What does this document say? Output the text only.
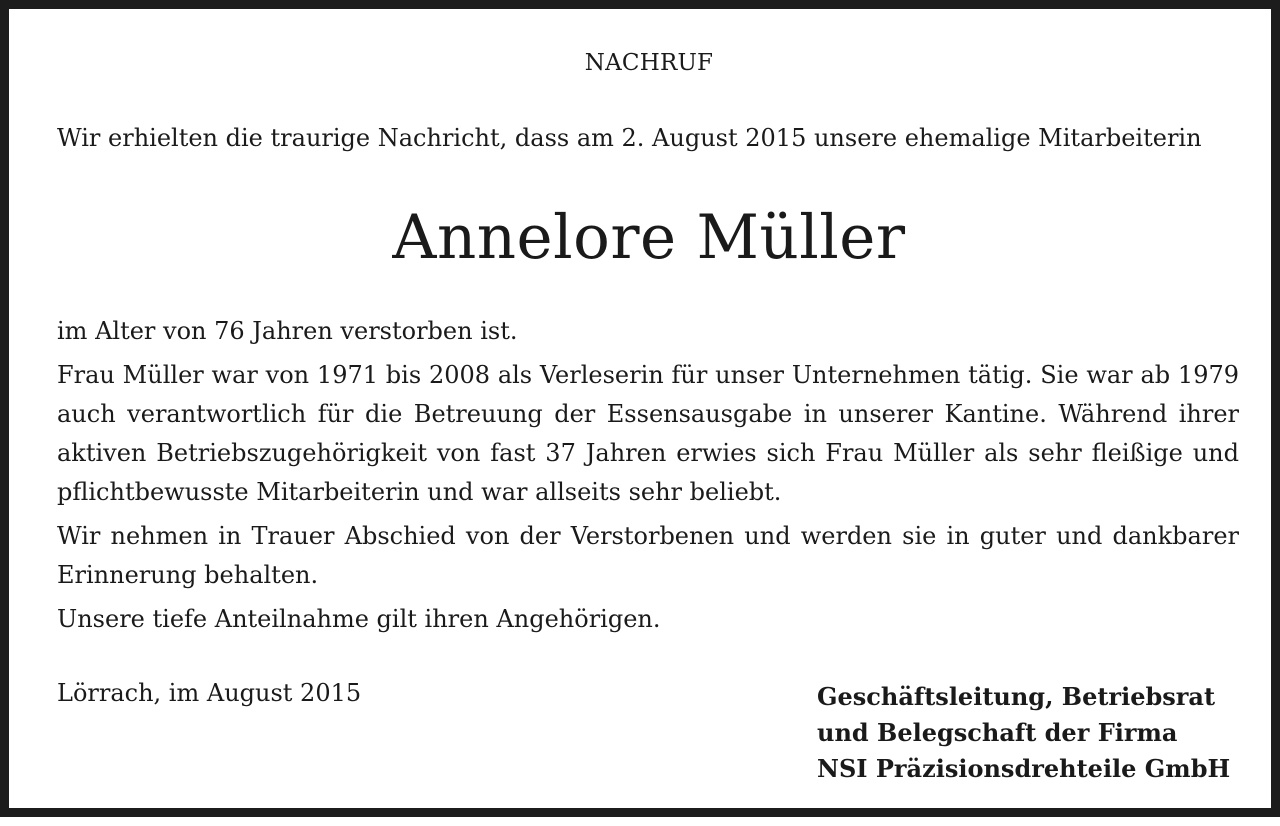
NACHRUF
Wir erhielten die traurige Nachricht, dass am 2. August 2015 unsere ehemalige Mitarbeiterin
Annelore Müller

im Alter von 76 Jahren verstorben ist.

Frau Müller war von 1971 bis 2008 als Verleserin für unser Unternehmen tätig. Sie war ab 1979 auch verantwortlich für die Betreuung der Essensausgabe in unserer Kantine. Während ihrer aktiven Betriebszugehörigkeit von fast 37 Jahren erwies sich Frau Müller als sehr fleißige und pflichtbewusste Mitarbeiterin und war allseits sehr beliebt.

Wir nehmen in Trauer Abschied von der Verstorbenen und werden sie in guter und dankbarer Erinnerung behalten.

Unsere tiefe Anteilnahme gilt ihren Angehörigen.

Lörrach, im August 2015	Geschäftsleitung, Betriebsrat
und Belegschaft der Firma
NSI Präzisionsdrehteile GmbH
